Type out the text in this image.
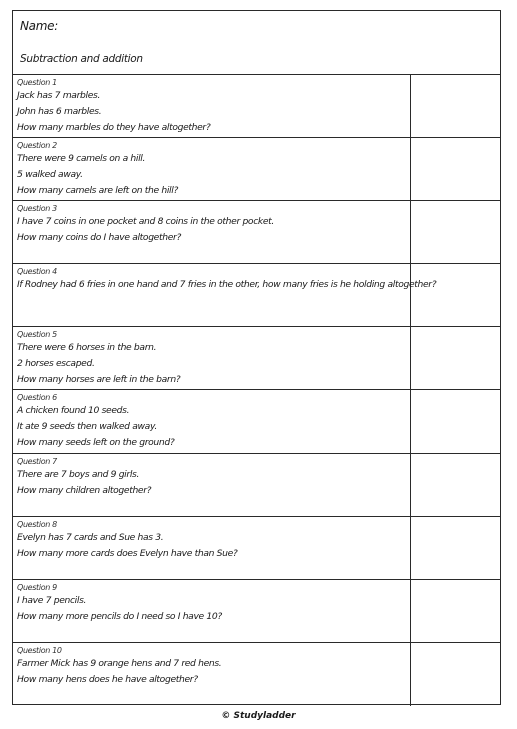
Name:
Subtraction and addition
Question 1
Jack has 7 marbles.
John has 6 marbles.
How many marbles do they have altogether?
Question 2
There were 9 camels on a hill.
5 walked away.
How many camels are left on the hill?
Question 3
I have 7 coins in one pocket and 8 coins in the other pocket.
How many coins do I have altogether?
Question 4
If Rodney had 6 fries in one hand and 7 fries in the other, how many fries is he holding altogether?
Question 5
There were 6 horses in the barn.
2 horses escaped.
How many horses are left in the barn?
Question 6
A chicken found 10 seeds.
It ate 9 seeds then walked away.
How many seeds left on the ground?
Question 7
There are 7 boys and 9 girls.
How many children altogether?
Question 8
Evelyn has 7 cards and Sue has 3.
How many more cards does Evelyn have than Sue?
Question 9
I have 7 pencils.
How many more pencils do I need so I have 10?
Question 10
Farmer Mick has 9 orange hens and 7 red hens.
How many hens does he have altogether?
© Studyladder
